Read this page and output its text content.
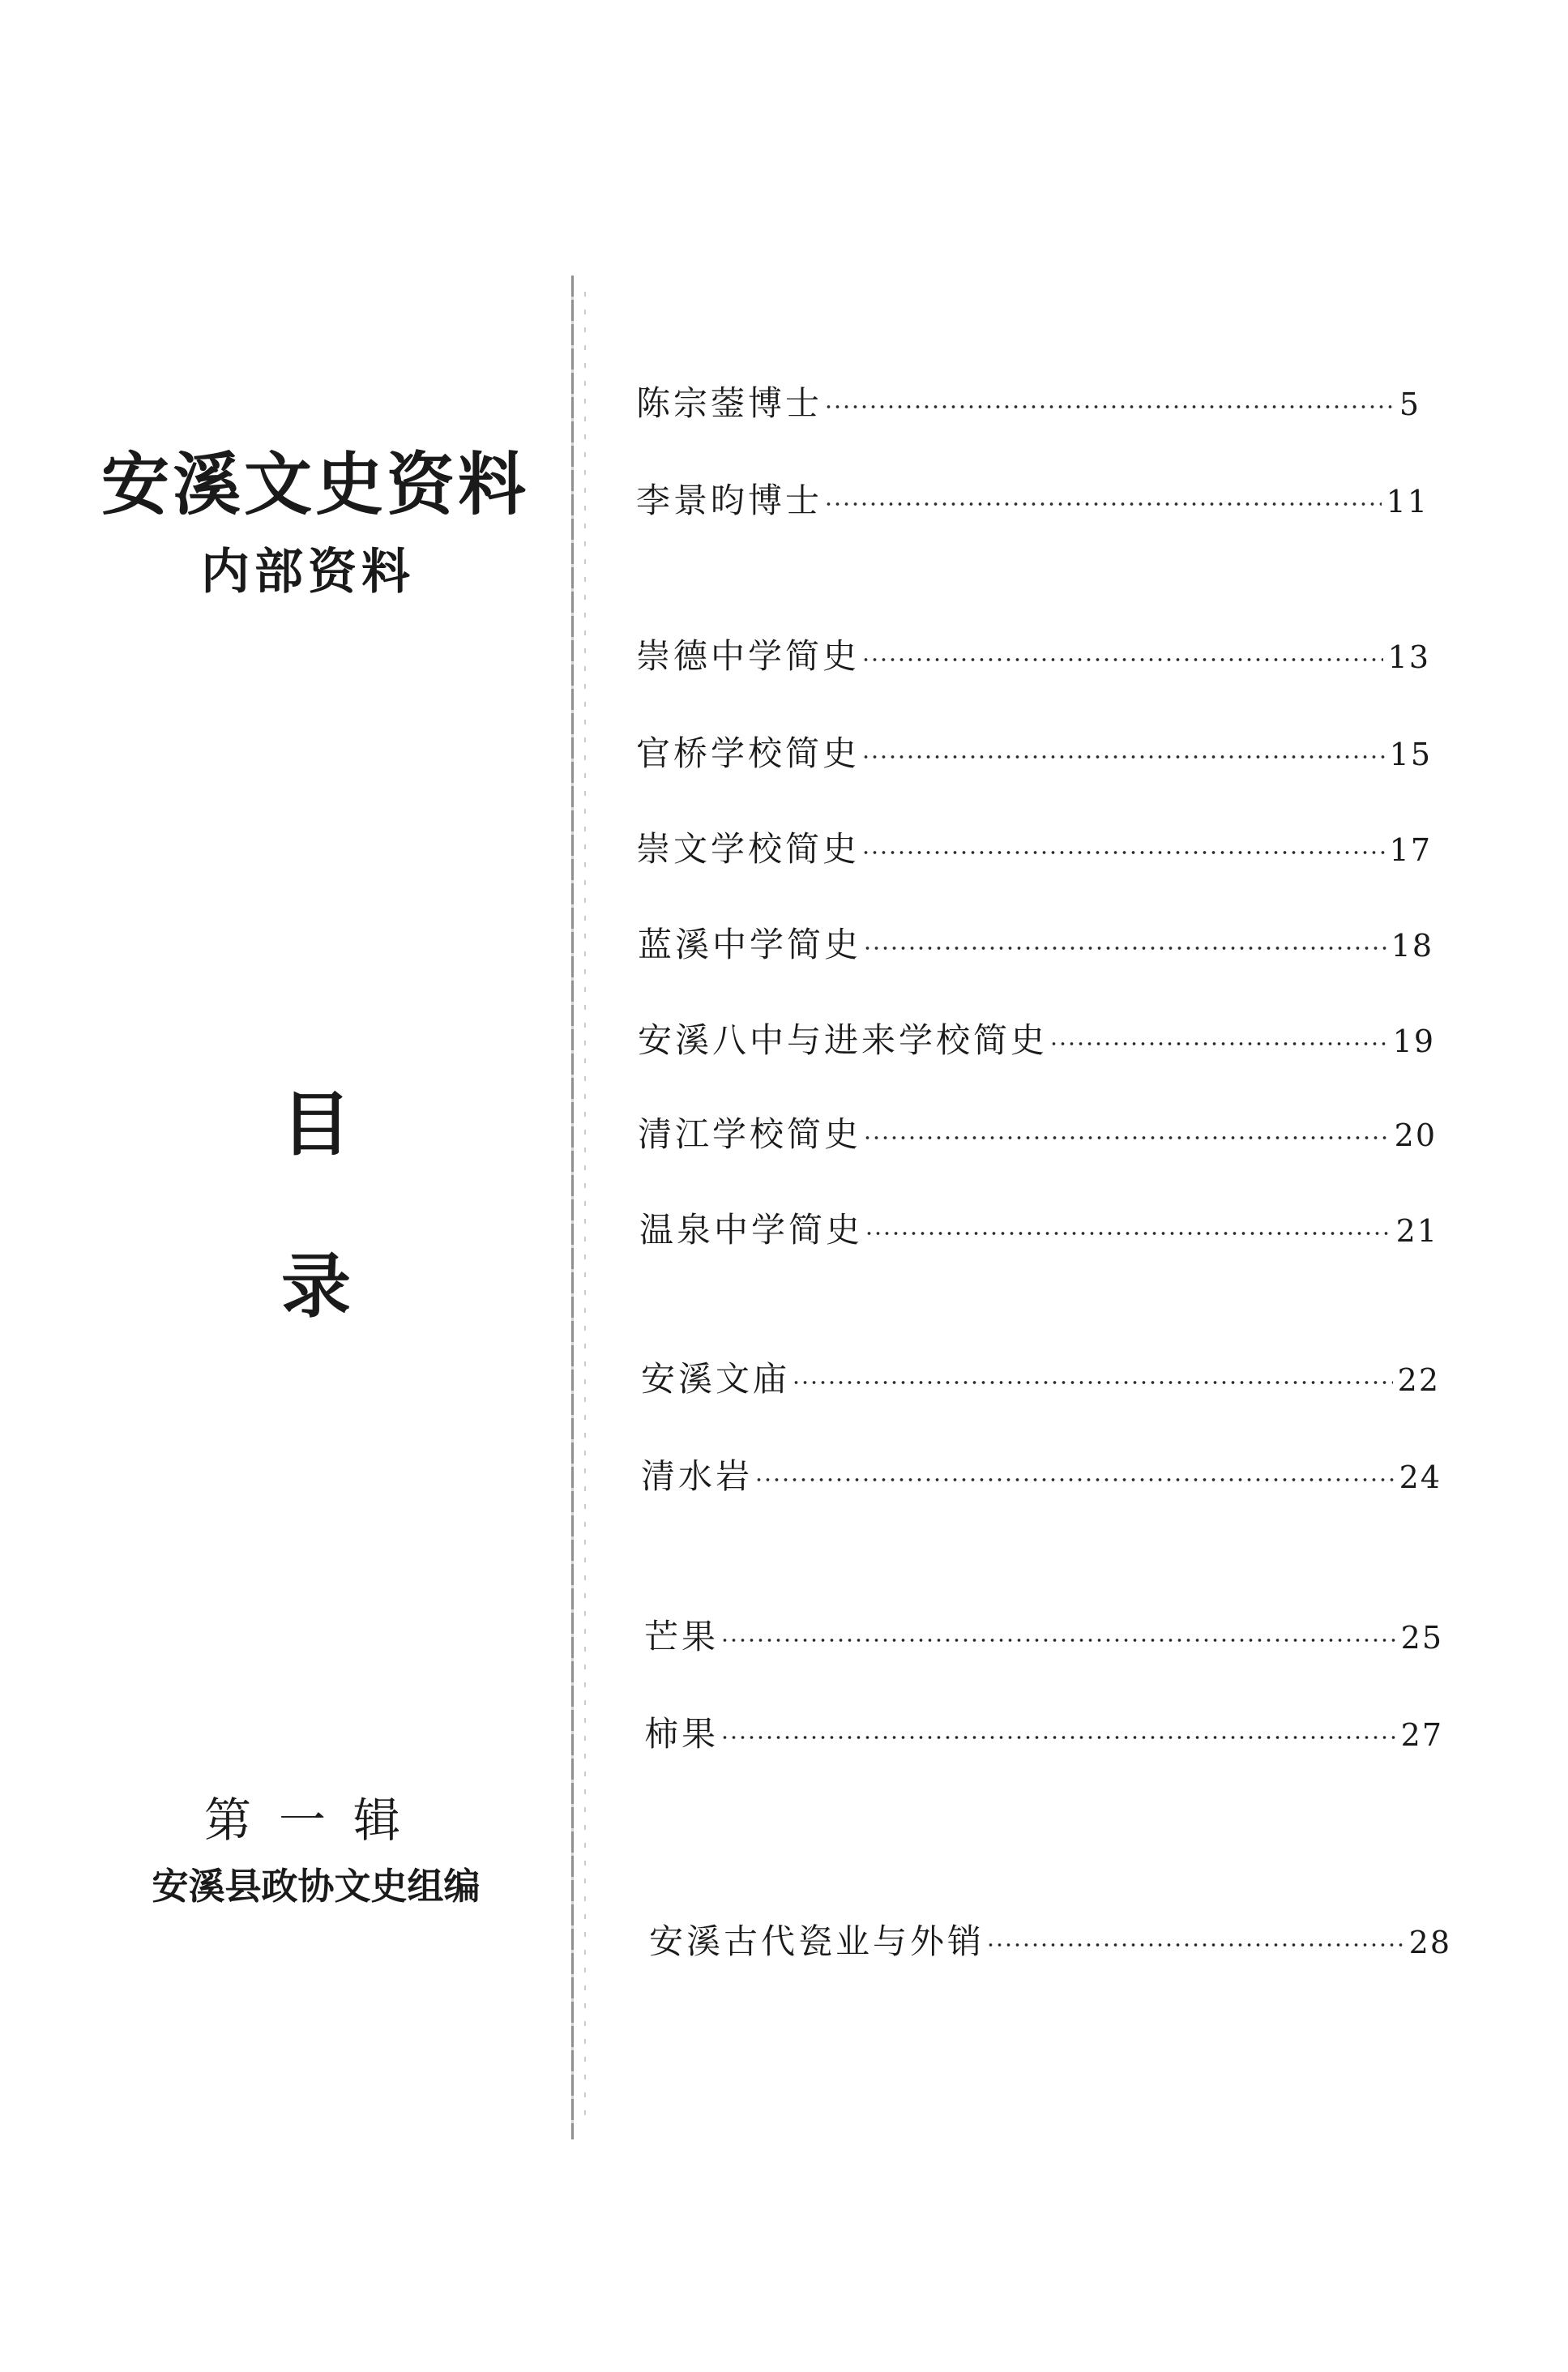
安溪文史资料
内部资料
目
录
第一辑
安溪县政协文史组编
陈宗蓥博士	5
李景昀博士	11
崇德中学简史	13
官桥学校简史	15
崇文学校简史	17
蓝溪中学简史	18
安溪八中与进来学校简史	19
清江学校简史	20
温泉中学简史	21
安溪文庙	22
清水岩	24
芒果	25
柿果	27
安溪古代瓷业与外销	28
